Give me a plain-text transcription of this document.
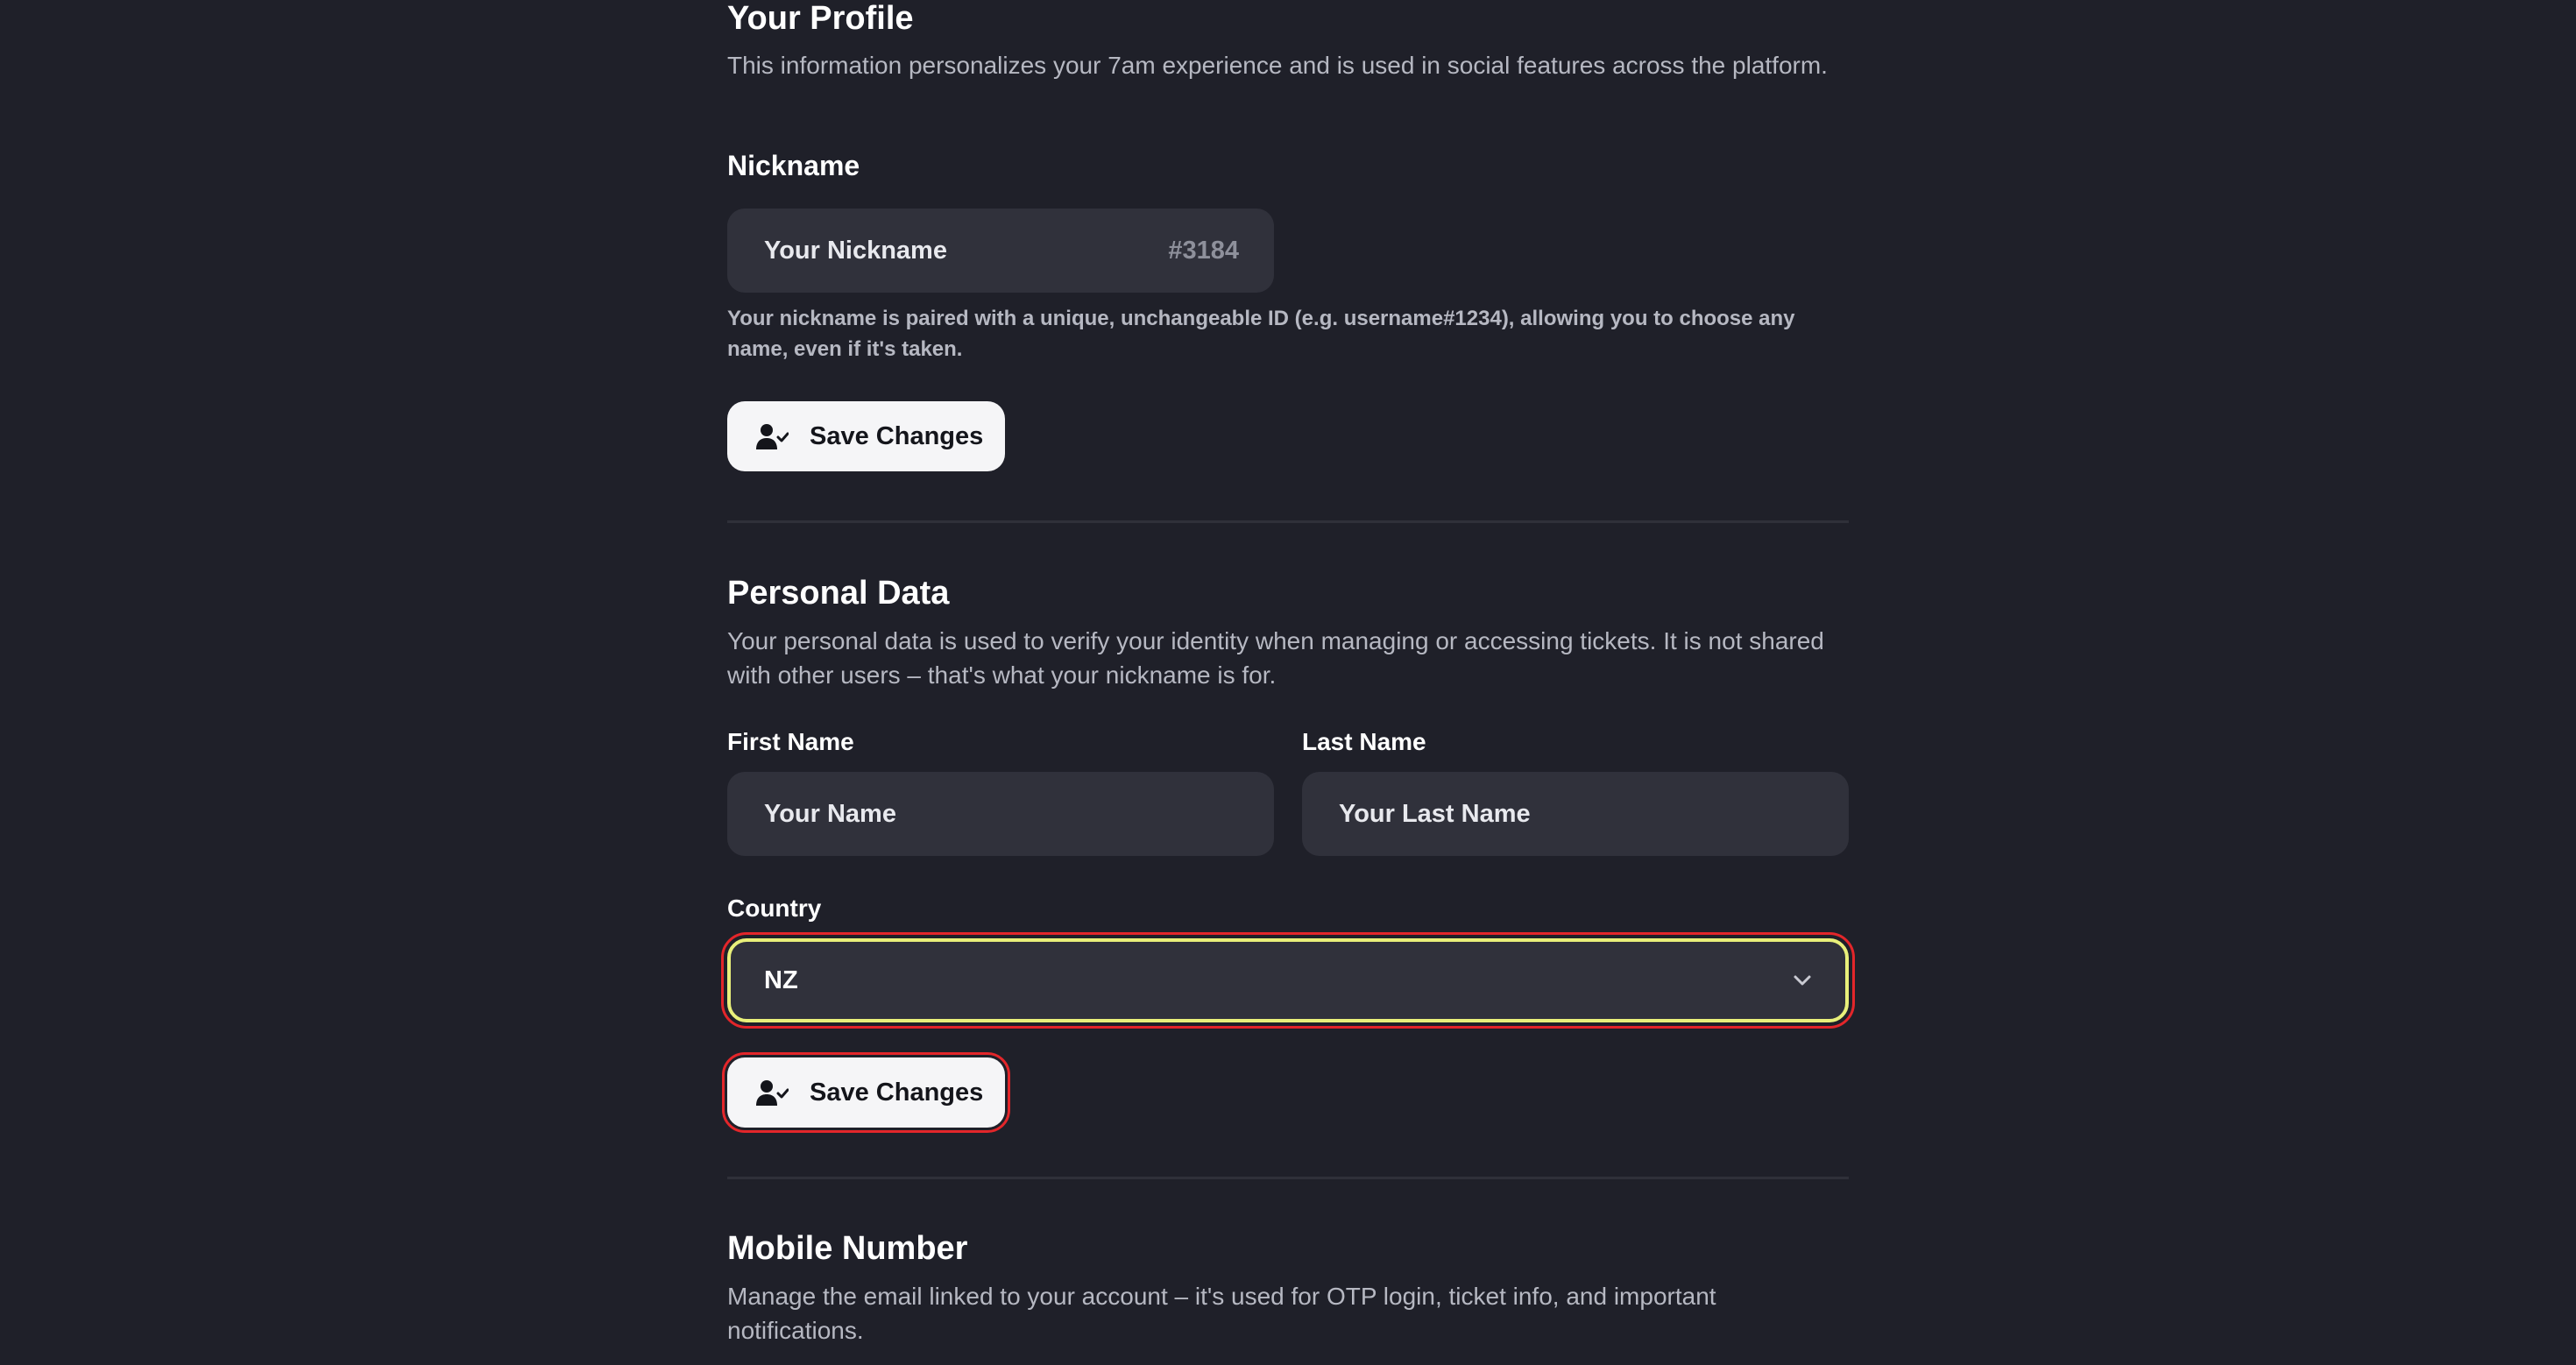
Your Profile

This information personalizes your 7am experience and is used in social features across the platform.

Nickname
Your Nickname
#3184

Your nickname is paired with a unique, unchangeable ID (e.g. username#1234), allowing you to choose any name, even if it's taken.

Save Changes
Personal Data

Your personal data is used to verify your identity when managing or accessing tickets. It is not shared with other users – that's what your nickname is for.

First Name	Last Name
Your Name
Your Last Name
Country
NZ
Save Changes
Mobile Number

Manage the email linked to your account – it's used for OTP login, ticket info, and important notifications.
